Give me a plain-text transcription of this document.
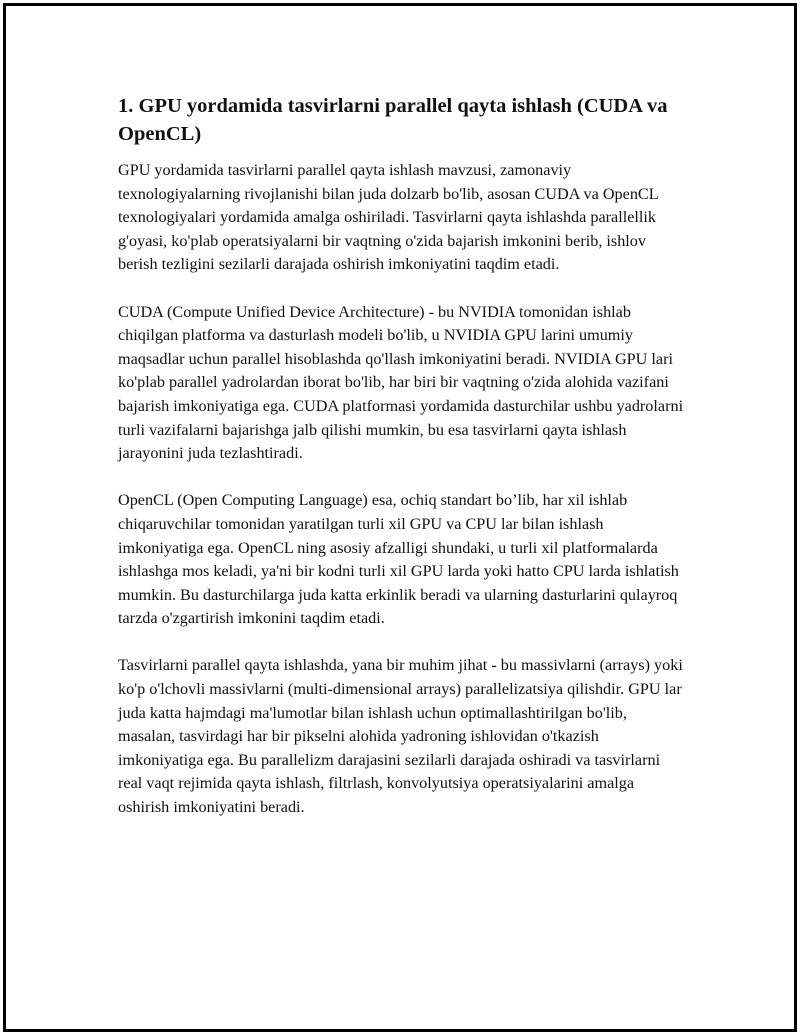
1. GPU yordamida tasvirlarni parallel qayta ishlash (CUDA va OpenCL)

GPU yordamida tasvirlarni parallel qayta ishlash mavzusi, zamonaviy texnologiyalarning rivojlanishi bilan juda dolzarb bo'lib, asosan CUDA va OpenCL texnologiyalari yordamida amalga oshiriladi. Tasvirlarni qayta ishlashda parallellik g'oyasi, ko'plab operatsiyalarni bir vaqtning o'zida bajarish imkonini berib, ishlov berish tezligini sezilarli darajada oshirish imkoniyatini taqdim etadi.

CUDA (Compute Unified Device Architecture) - bu NVIDIA tomonidan ishlab chiqilgan platforma va dasturlash modeli bo'lib, u NVIDIA GPU larini umumiy maqsadlar uchun parallel hisoblashda qo'llash imkoniyatini beradi. NVIDIA GPU lari ko'plab parallel yadrolardan iborat bo'lib, har biri bir vaqtning o'zida alohida vazifani bajarish imkoniyatiga ega. CUDA platformasi yordamida dasturchilar ushbu yadrolarni turli vazifalarni bajarishga jalb qilishi mumkin, bu esa tasvirlarni qayta ishlash jarayonini juda tezlashtiradi.

OpenCL (Open Computing Language) esa, ochiq standart bo’lib, har xil ishlab chiqaruvchilar tomonidan yaratilgan turli xil GPU va CPU lar bilan ishlash imkoniyatiga ega. OpenCL ning asosiy afzalligi shundaki, u turli xil platformalarda ishlashga mos keladi, ya'ni bir kodni turli xil GPU larda yoki hatto CPU larda ishlatish mumkin. Bu dasturchilarga juda katta erkinlik beradi va ularning dasturlarini qulayroq tarzda o'zgartirish imkonini taqdim etadi.

Tasvirlarni parallel qayta ishlashda, yana bir muhim jihat - bu massivlarni (arrays) yoki ko'p o'lchovli massivlarni (multi-dimensional arrays) parallelizatsiya qilishdir. GPU lar juda katta hajmdagi ma'lumotlar bilan ishlash uchun optimallashtirilgan bo'lib, masalan, tasvirdagi har bir pikselni alohida yadroning ishlovidan o'tkazish imkoniyatiga ega. Bu parallelizm darajasini sezilarli darajada oshiradi va tasvirlarni real vaqt rejimida qayta ishlash, filtrlash, konvolyutsiya operatsiyalarini amalga oshirish imkoniyatini beradi.
